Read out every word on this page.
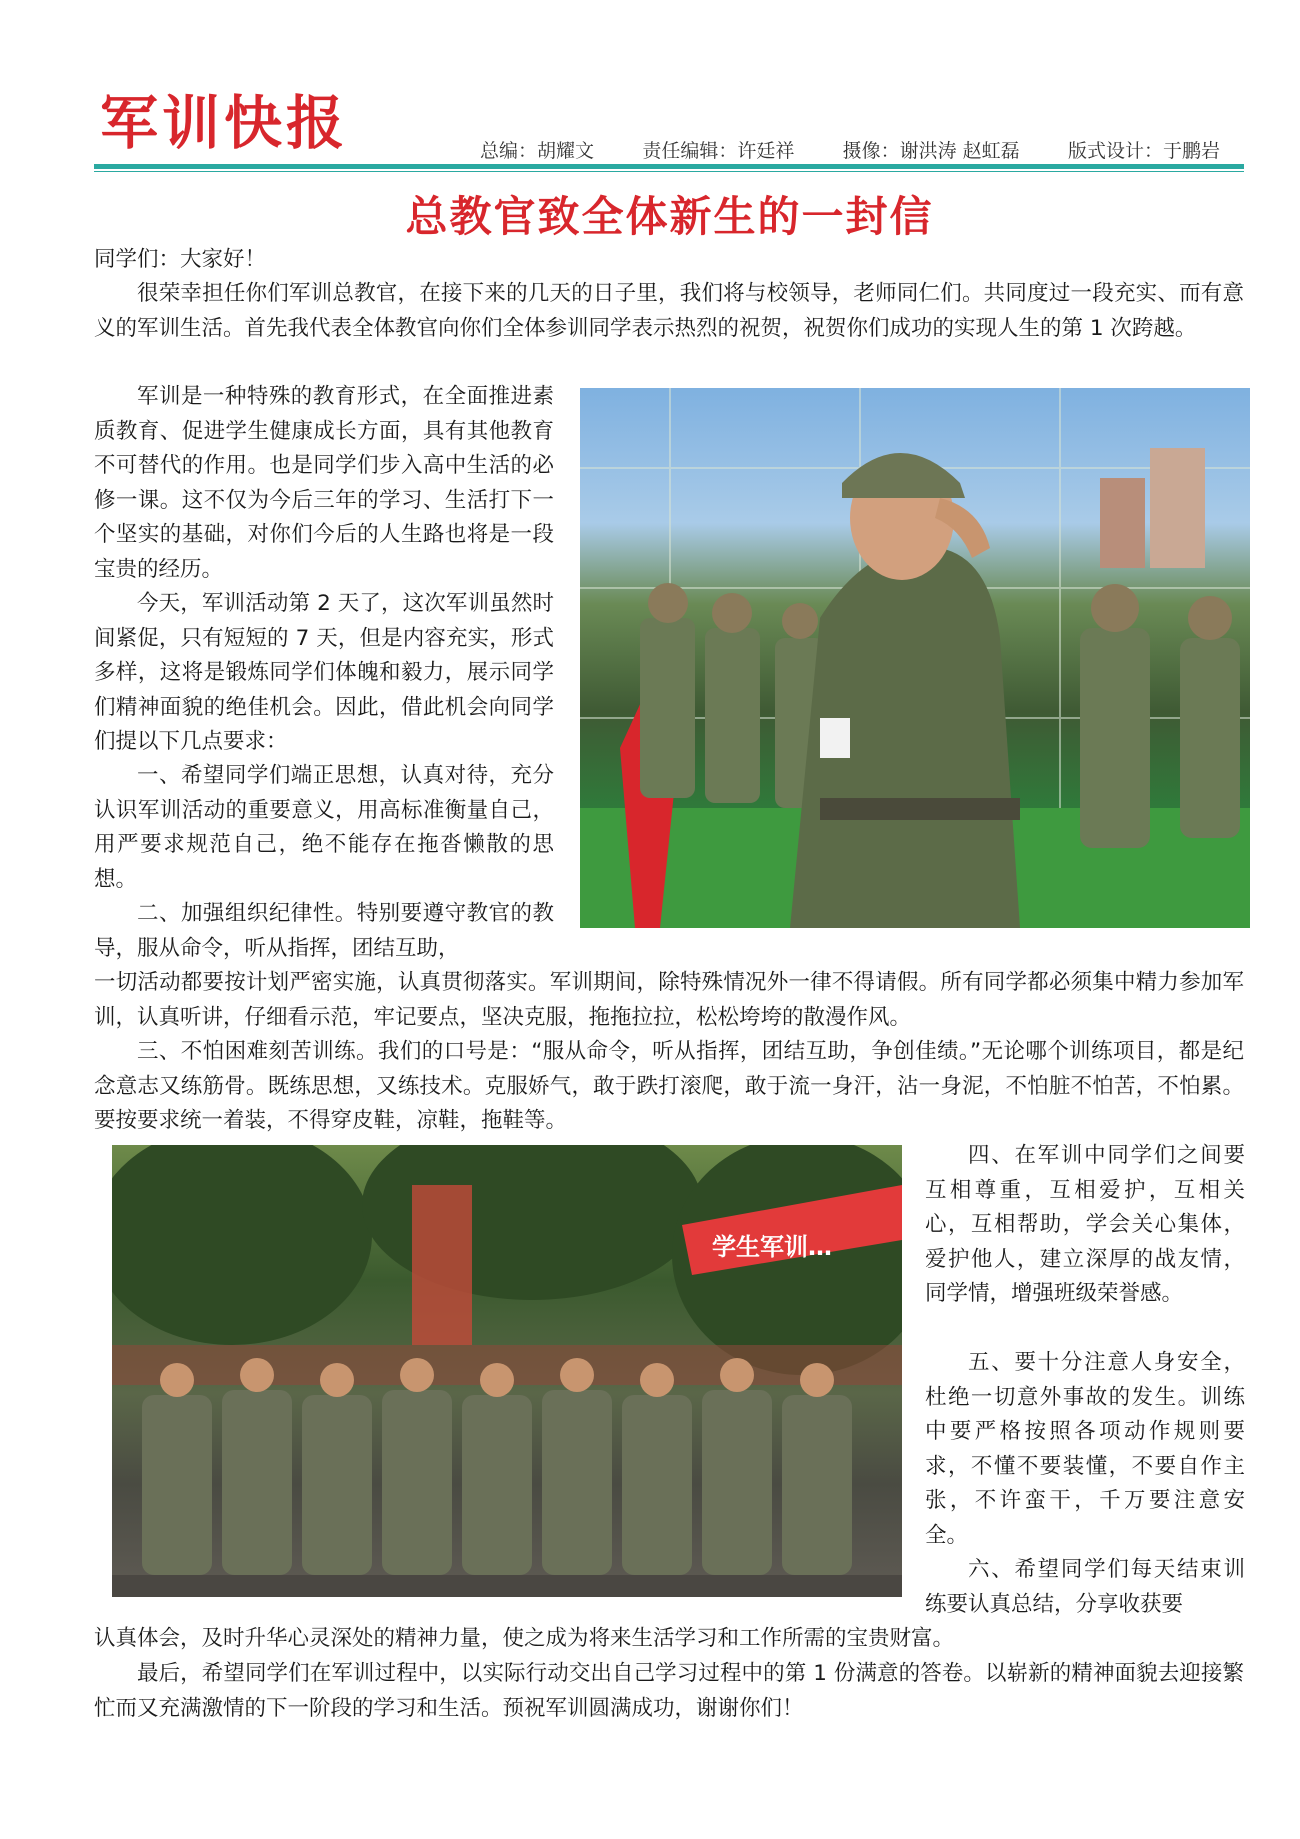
军训快报	总编：胡耀文	责任编辑：许廷祥	摄像：谢洪涛 赵虹磊	版式设计：于鹏岩
总教官致全体新生的一封信

同学们：大家好！

很荣幸担任你们军训总教官，在接下来的几天的日子里，我们将与校领导，老师同仁们。共同度过一段充实、而有意义的军训生活。首先我代表全体教官向你们全体参训同学表示热烈的祝贺，祝贺你们成功的实现人生的第 1 次跨越。

军训是一种特殊的教育形式，在全面推进素质教育、促进学生健康成长方面，具有其他教育不可替代的作用。也是同学们步入高中生活的必修一课。这不仅为今后三年的学习、生活打下一个坚实的基础，对你们今后的人生路也将是一段宝贵的经历。

今天，军训活动第 2 天了，这次军训虽然时间紧促，只有短短的 7 天，但是内容充实，形式多样，这将是锻炼同学们体魄和毅力，展示同学们精神面貌的绝佳机会。因此，借此机会向同学们提以下几点要求：

一、希望同学们端正思想，认真对待，充分认识军训活动的重要意义，用高标准衡量自己，用严要求规范自己，绝不能存在拖沓懒散的思想。

二、加强组织纪律性。特别要遵守教官的教导，服从命令，听从指挥，团结互助，

一切活动都要按计划严密实施，认真贯彻落实。军训期间，除特殊情况外一律不得请假。所有同学都必须集中精力参加军训，认真听讲，仔细看示范，牢记要点，坚决克服，拖拖拉拉，松松垮垮的散漫作风。

三、不怕困难刻苦训练。我们的口号是：“服从命令，听从指挥，团结互助，争创佳绩。”无论哪个训练项目，都是纪念意志又练筋骨。既练思想，又练技术。克服娇气，敢于跌打滚爬，敢于流一身汗，沾一身泥，不怕脏不怕苦，不怕累。要按要求统一着装，不得穿皮鞋，凉鞋，拖鞋等。

四、在军训中同学们之间要互相尊重，互相爱护，互相关心，互相帮助，学会关心集体，爱护他人，建立深厚的战友情，同学情，增强班级荣誉感。

五、要十分注意人身安全，杜绝一切意外事故的发生。训练中要严格按照各项动作规则要求，不懂不要装懂，不要自作主张，不许蛮干，千万要注意安全。

六、希望同学们每天结束训练要认真总结，分享收获要

认真体会，及时升华心灵深处的精神力量，使之成为将来生活学习和工作所需的宝贵财富。

最后，希望同学们在军训过程中，以实际行动交出自己学习过程中的第 1 份满意的答卷。以崭新的精神面貌去迎接繁忙而又充满激情的下一阶段的学习和生活。预祝军训圆满成功，谢谢你们！

学生军训…
